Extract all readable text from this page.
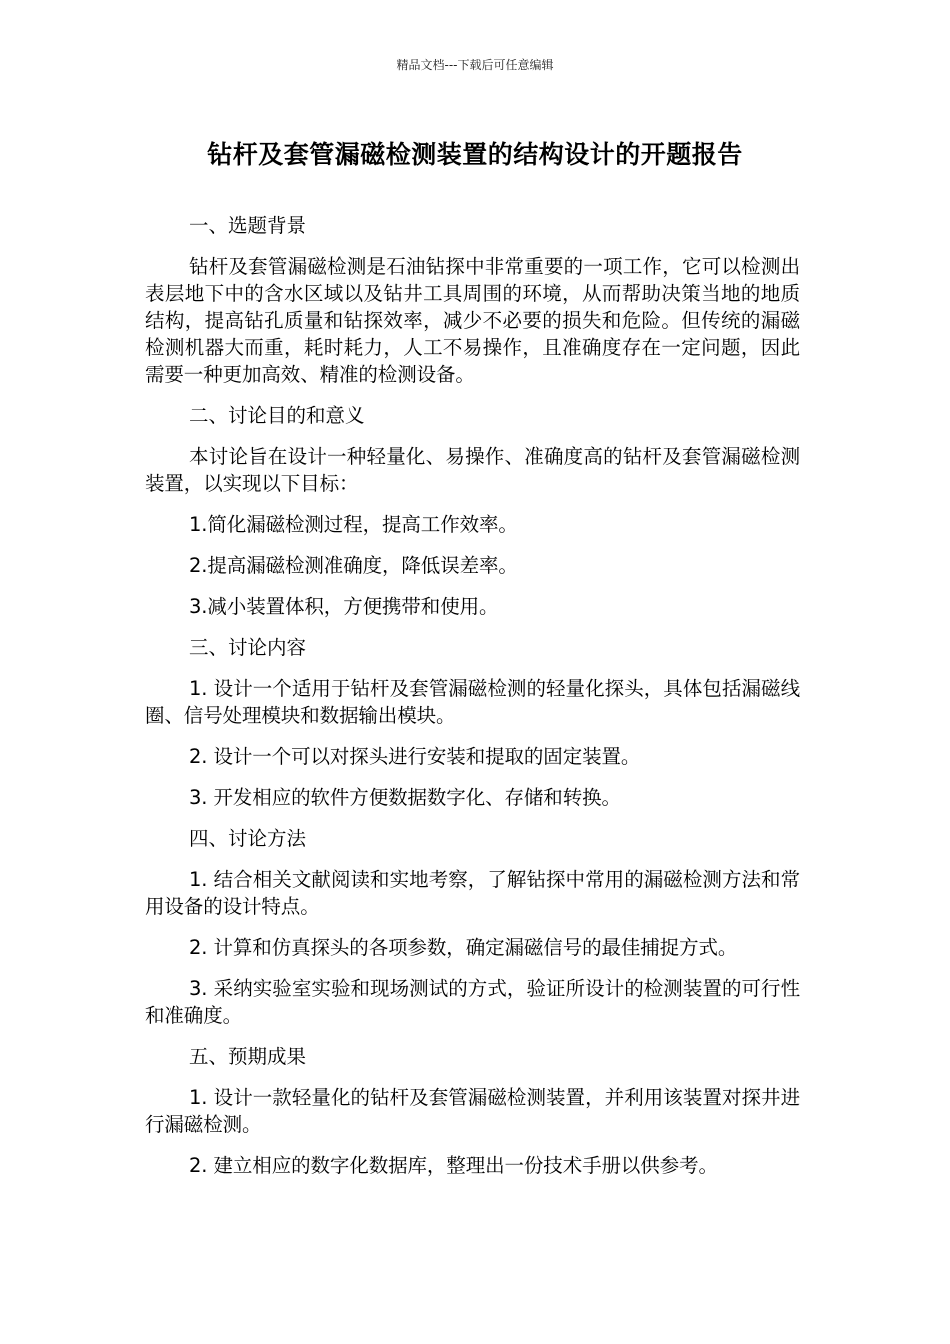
精品文档---下载后可任意编辑
钻杆及套管漏磁检测装置的结构设计的开题报告
一、选题背景

钻杆及套管漏磁检测是石油钻探中非常重要的一项工作，它可以检测出表层地下中的含水区域以及钻井工具周围的环境，从而帮助决策当地的地质结构，提高钻孔质量和钻探效率，减少不必要的损失和危险。但传统的漏磁检测机器大而重，耗时耗力，人工不易操作，且准确度存在一定问题，因此需要一种更加高效、精准的检测设备。

二、讨论目的和意义

本讨论旨在设计一种轻量化、易操作、准确度高的钻杆及套管漏磁检测装置，以实现以下目标：

1.简化漏磁检测过程，提高工作效率。

2.提高漏磁检测准确度，降低误差率。

3.减小装置体积，方便携带和使用。

三、讨论内容

1. 设计一个适用于钻杆及套管漏磁检测的轻量化探头，具体包括漏磁线圈、信号处理模块和数据输出模块。

2. 设计一个可以对探头进行安装和提取的固定装置。

3. 开发相应的软件方便数据数字化、存储和转换。

四、讨论方法

1. 结合相关文献阅读和实地考察，了解钻探中常用的漏磁检测方法和常用设备的设计特点。

2. 计算和仿真探头的各项参数，确定漏磁信号的最佳捕捉方式。

3. 采纳实验室实验和现场测试的方式，验证所设计的检测装置的可行性和准确度。

五、预期成果

1. 设计一款轻量化的钻杆及套管漏磁检测装置，并利用该装置对探井进行漏磁检测。

2. 建立相应的数字化数据库，整理出一份技术手册以供参考。
